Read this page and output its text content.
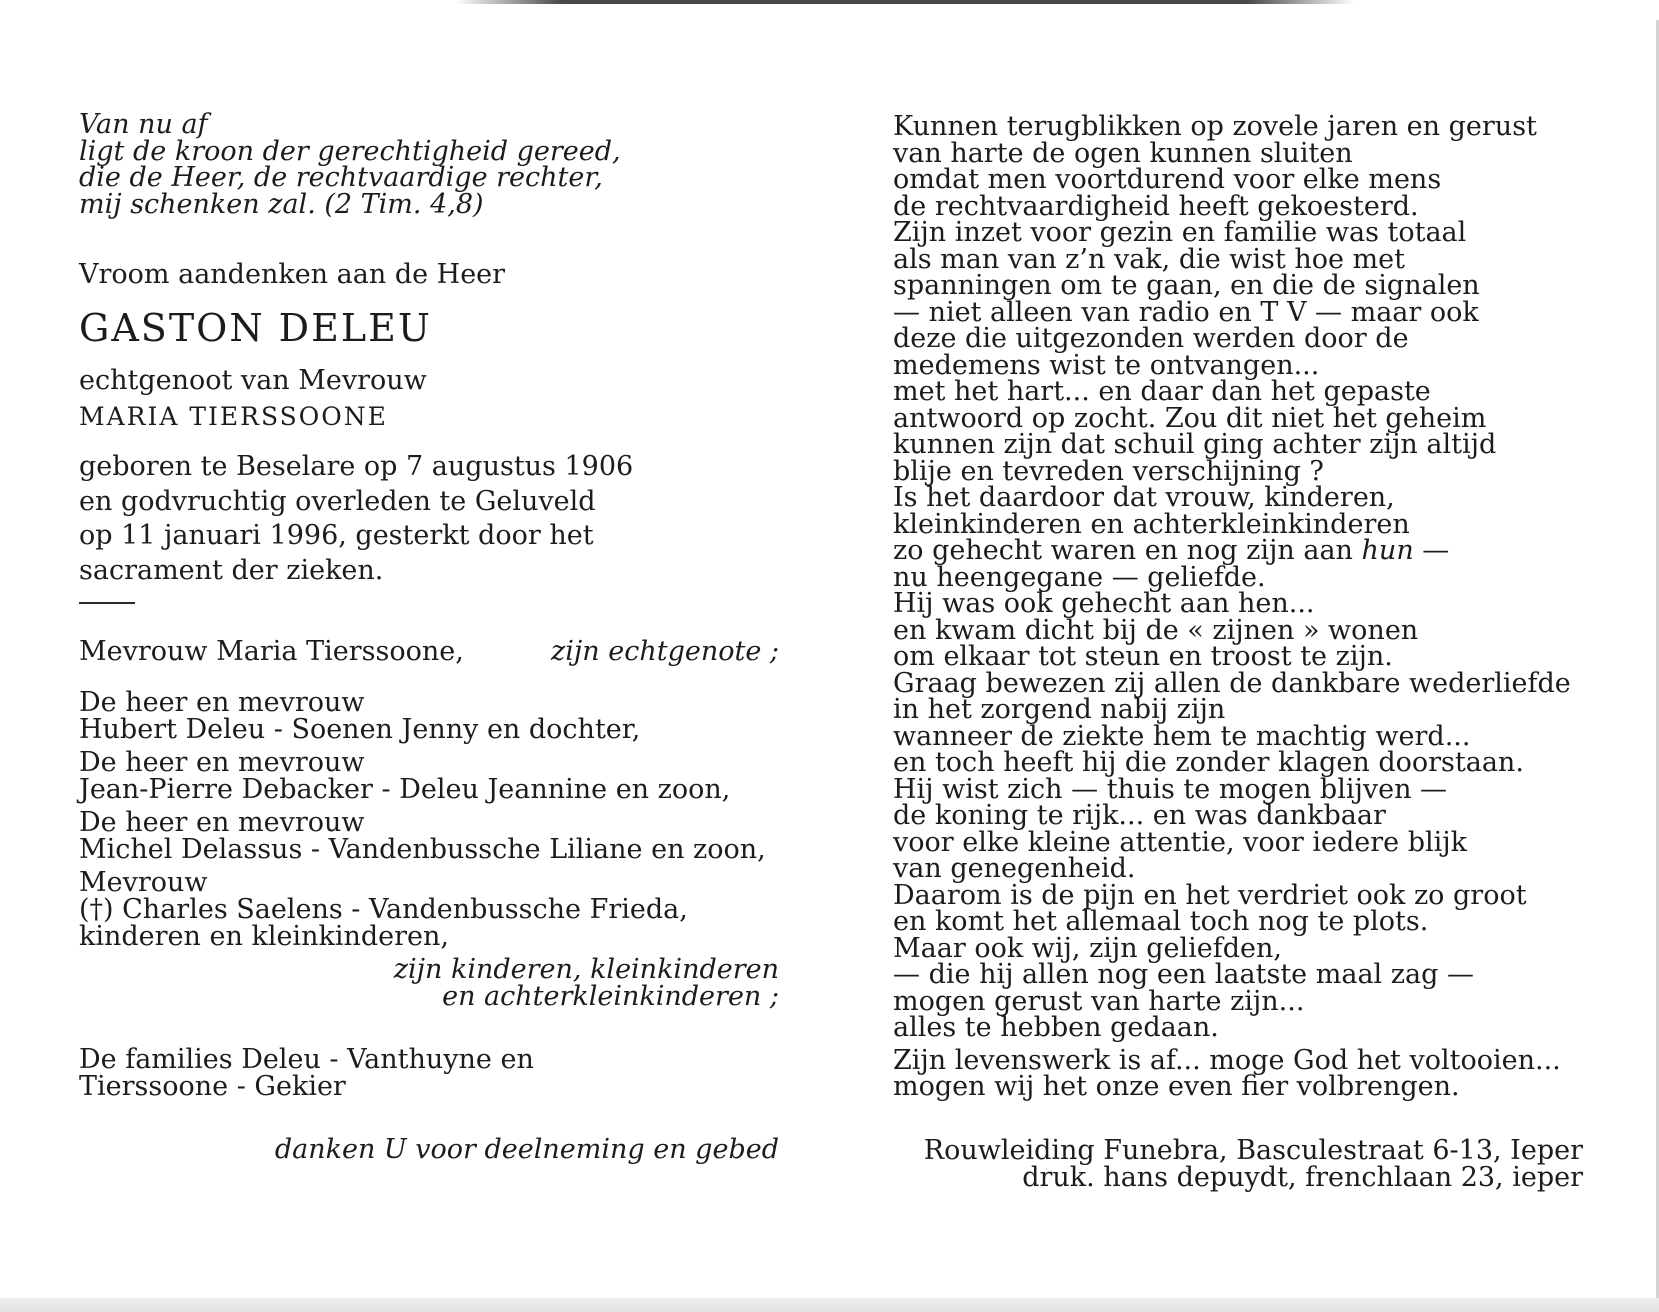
Van nu af
ligt de kroon der gerechtigheid gereed,
die de Heer, de rechtvaardige rechter,
mij schenken zal. (2 Tim. 4,8)
Vroom aandenken aan de Heer
GASTON DELEU
echtgenoot van Mevrouw
MARIA TIERSSOONE
geboren te Beselare op 7 augustus 1906
en godvruchtig overleden te Geluveld
op 11 januari 1996, gesterkt door het
sacrament der zieken.
Mevrouw Maria Tierssoone,	zijn echtgenote ;
De heer en mevrouw
Hubert Deleu - Soenen Jenny en dochter,
De heer en mevrouw
Jean-Pierre Debacker - Deleu Jeannine en zoon,
De heer en mevrouw
Michel Delassus - Vandenbussche Liliane en zoon,
Mevrouw
(†) Charles Saelens - Vandenbussche Frieda,
kinderen en kleinkinderen,
zijn kinderen, kleinkinderen
en achterkleinkinderen ;
De families Deleu - Vanthuyne en
Tierssoone - Gekier
danken U voor deelneming en gebed
Kunnen terugblikken op zovele jaren en gerust
van harte de ogen kunnen sluiten
omdat men voortdurend voor elke mens
de rechtvaardigheid heeft gekoesterd.
Zijn inzet voor gezin en familie was totaal
als man van z’n vak, die wist hoe met
spanningen om te gaan, en die de signalen
— niet alleen van radio en T V — maar ook
deze die uitgezonden werden door de
medemens wist te ontvangen...
met het hart... en daar dan het gepaste
antwoord op zocht. Zou dit niet het geheim
kunnen zijn dat schuil ging achter zijn altijd
blije en tevreden verschijning ?
Is het daardoor dat vrouw, kinderen,
kleinkinderen en achterkleinkinderen
zo gehecht waren en nog zijn aan hun —
nu heengegane — geliefde.
Hij was ook gehecht aan hen...
en kwam dicht bij de « zijnen » wonen
om elkaar tot steun en troost te zijn.
Graag bewezen zij allen de dankbare wederliefde
in het zorgend nabij zijn
wanneer de ziekte hem te machtig werd...
en toch heeft hij die zonder klagen doorstaan.
Hij wist zich — thuis te mogen blijven —
de koning te rijk... en was dankbaar
voor elke kleine attentie, voor iedere blijk
van genegenheid.
Daarom is de pijn en het verdriet ook zo groot
en komt het allemaal toch nog te plots.
Maar ook wij, zijn geliefden,
— die hij allen nog een laatste maal zag —
mogen gerust van harte zijn...
alles te hebben gedaan.
Zijn levenswerk is af... moge God het voltooien...
mogen wij het onze even fier volbrengen.
Rouwleiding Funebra, Basculestraat 6-13, Ieper
druk. hans depuydt, frenchlaan 23, ieper
